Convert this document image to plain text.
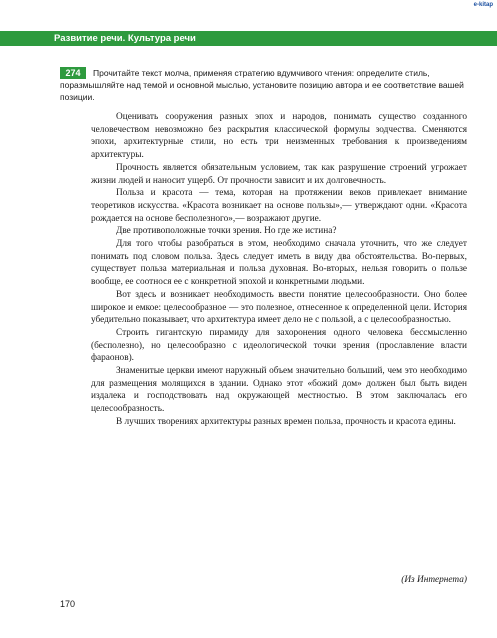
e-kitap
Развитие речи. Культура речи
Прочитайте текст молча, применяя стратегию вдумчивого чтения: определите стиль, поразмышляйте над темой и основной мыслью, установите позицию автора и ее соответствие вашей позиции.
274

Оценивать сооружения разных эпох и народов, понимать существо созданного человечеством невозможно без раскрытия классической формулы зодчества. Сменяются эпохи, архитектурные стили, но есть три неизменных требования к произведениям архитектуры.

Прочность является обязательным условием, так как разрушение строений угрожает жизни людей и наносит ущерб. От прочности зависит и их долговечность.

Польза и красота — тема, которая на протяжении веков привлекает внимание теоретиков искусства. «Красота возникает на основе пользы»,— утверждают одни. «Красота рождается на основе бесполезного»,— возражают другие.

Две противоположные точки зрения. Но где же истина?

Для того чтобы разобраться в этом, необходимо сначала уточнить, что же следует понимать под словом польза. Здесь следует иметь в виду два обстоятельства. Во-первых, существует польза материальная и польза духовная. Во-вторых, нельзя говорить о пользе вообще, ее соотнося ее с конкретной эпохой и конкретными людьми.

Вот здесь и возникает необходимость ввести понятие целесообразности. Оно более широкое и емкое: целесообразное — это полезное, отнесенное к определенной цели. История убедительно показывает, что архитектура имеет дело не с пользой, а с целесообразностью.

Строить гигантскую пирамиду для захоронения одного человека бессмысленно (бесполезно), но целесообразно с идеологической точки зрения (прославление власти фараонов).

Знаменитые церкви имеют наружный объем значительно больший, чем это необходимо для размещения молящихся в здании. Однако этот «божий дом» должен был быть виден издалека и господствовать над окружающей местностью. В этом заключалась его целесообразность.

В лучших творениях архитектуры разных времен польза, прочность и красота едины.

(Из Интернета)
170
